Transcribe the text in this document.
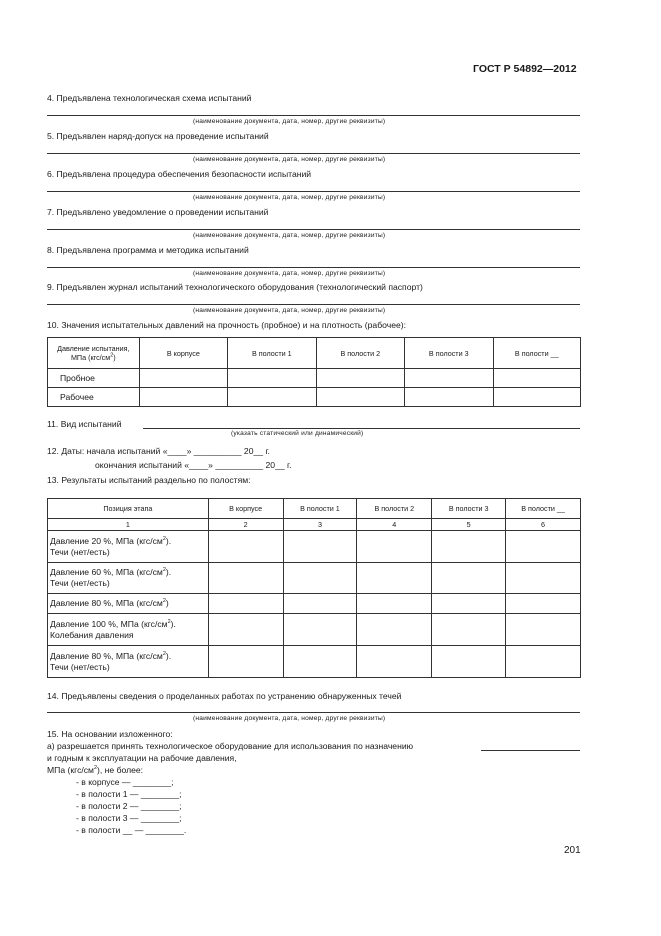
ГОСТ Р 54892—2012
4. Предъявлена технологическая схема испытаний
(наименование документа, дата, номер, другие реквизиты)
5. Предъявлен наряд-допуск на проведение испытаний
(наименование документа, дата, номер, другие реквизиты)
6. Предъявлена процедура обеспечения безопасности испытаний
(наименование документа, дата, номер, другие реквизиты)
7. Предъявлено уведомление о проведении испытаний
(наименование документа, дата, номер, другие реквизиты)
8. Предъявлена программа и методика испытаний
(наименование документа, дата, номер, другие реквизиты)
9. Предъявлен журнал испытаний технологического оборудования (технологический паспорт)
(наименование документа, дата, номер, другие реквизиты)
10. Значения испытательных давлений на прочность (пробное) и на плотность (рабочее):
Давление испытания,
МПа $(кгс/см^2)$	В корпусе	В полости 1	В полости 2	В полости 3	В полости __
Пробное					
Рабочее					
11. Вид испытаний
(указать статический или динамический)
12. Даты: начала испытаний «____» __________ 20__ г.
окончания испытаний «____» __________ 20__ г.
13. Результаты испытаний раздельно по полостям:
Позиция этапа	В корпусе	В полости 1	В полости 2	В полости 3	В полости __
1	2	3	4	5	6

Давление 20 %, МПа $(кгс/см^2)$.
Течи (нет/есть)					

Давление 60 %, МПа $(кгс/см^2)$.
Течи (нет/есть)					

Давление 80 %, МПа $(кгс/см^2)$					

Давление 100 %, МПа $(кгс/см^2)$.
Колебания давления					

Давление 80 %, МПа $(кгс/см^2)$.
Течи (нет/есть)					

14. Предъявлены сведения о проделанных работах по устранению обнаруженных течей
(наименование документа, дата, номер, другие реквизиты)
15. На основании изложенного:
а) разрешается принять технологическое оборудование для использования по назначению
и годным к эксплуатации на рабочие давления,
МПа $(кгс/см^2)$, не более:
- в корпусе — ________;
- в полости 1 — ________;
- в полости 2 — ________;
- в полости 3 — ________;
- в полости __ — ________.
201
